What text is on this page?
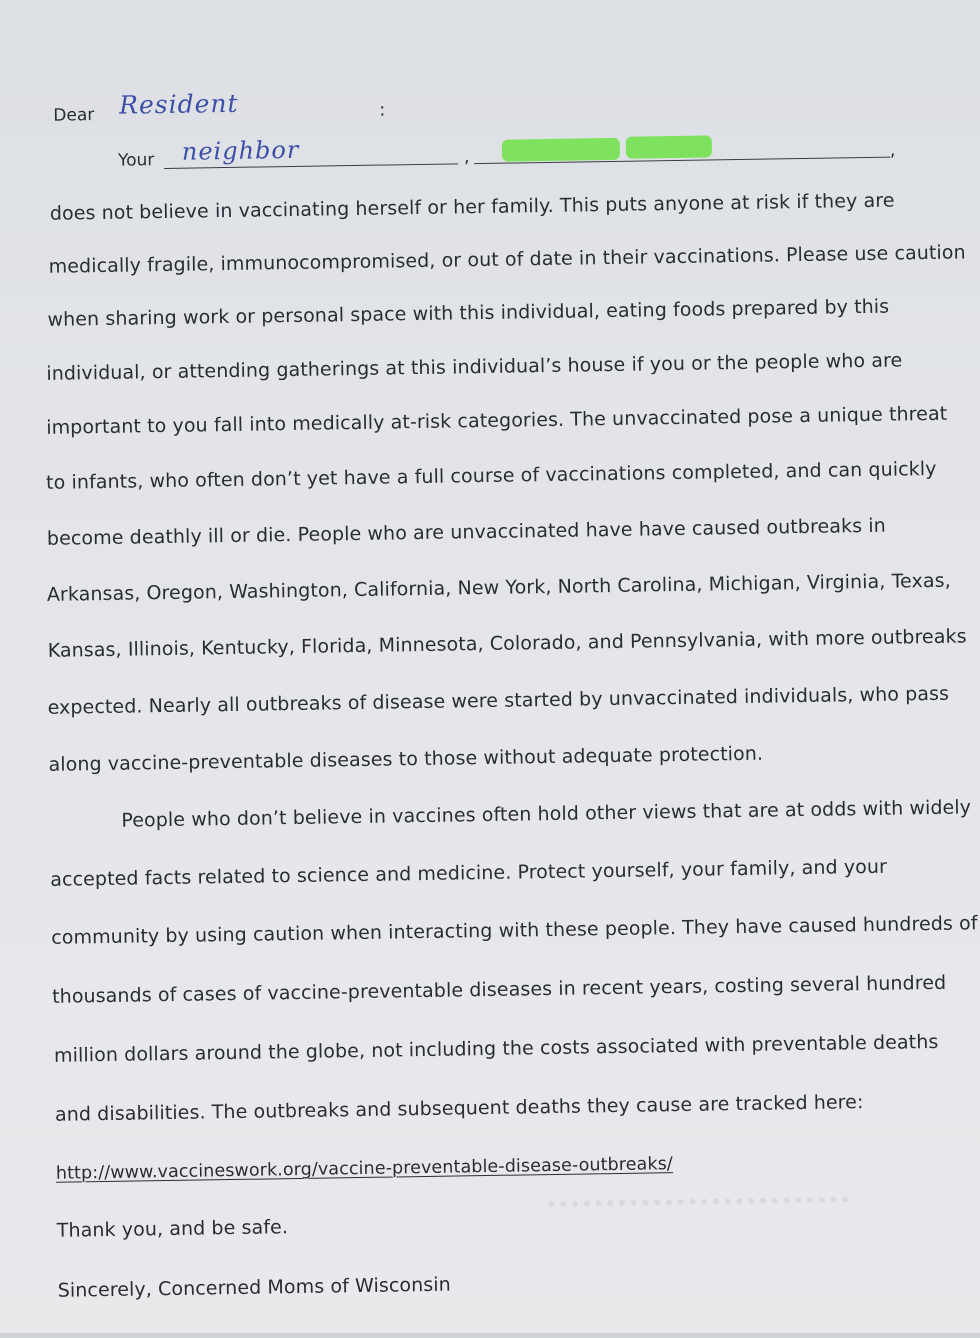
Dear Resident	:
Your neighbor	,	,
does not believe in vaccinating herself or her family. This puts anyone at risk if they are
medically fragile, immunocompromised, or out of date in their vaccinations. Please use caution
when sharing work or personal space with this individual, eating foods prepared by this
individual, or attending gatherings at this individual’s house if you or the people who are
important to you fall into medically at-risk categories. The unvaccinated pose a unique threat
to infants, who often don’t yet have a full course of vaccinations completed, and can quickly
become deathly ill or die. People who are unvaccinated have have caused outbreaks in
Arkansas, Oregon, Washington, California, New York, North Carolina, Michigan, Virginia, Texas,
Kansas, Illinois, Kentucky, Florida, Minnesota, Colorado, and Pennsylvania, with more outbreaks
expected. Nearly all outbreaks of disease were started by unvaccinated individuals, who pass
along vaccine-preventable diseases to those without adequate protection.
People who don’t believe in vaccines often hold other views that are at odds with widely
accepted facts related to science and medicine. Protect yourself, your family, and your
community by using caution when interacting with these people. They have caused hundreds of
thousands of cases of vaccine-preventable diseases in recent years, costing several hundred
million dollars around the globe, not including the costs associated with preventable deaths
and disabilities. The outbreaks and subsequent deaths they cause are tracked here:
http://www.vaccineswork.org/vaccine-preventable-disease-outbreaks/
Thank you, and be safe.
Sincerely, Concerned Moms of Wisconsin
